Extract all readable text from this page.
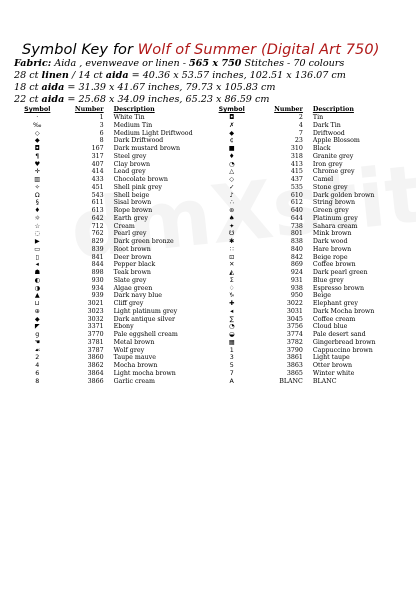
Symbol Key for Wolf of Summer (Digital Art 750)
Fabric: Aida , evenweave or linen - 565 x 750 Stitches - 70 colours
28 ct linen / 14 ct aida = 40.36 x 53.57 inches, 102.51 x 136.07 cm
18 ct aida = 31.39 x 41.67 inches, 79.73 x 105.83 cm
22 ct aida = 25.68 x 34.09 inches, 65.23 x 86.59 cm
Symbol	Number	Description
·	1	White Tin
‰	3	Medium Tin
◇	6	Medium Light Driftwood
◆	8	Dark Driftwood
◘	167	Dark mustard brown
¶	317	Steel grey
♥	407	Clay brown
✛	414	Lead grey
▥	433	Chocolate brown
✧	451	Shell pink grey
Ω	543	Shell beige
§	611	Sisal brown
♦	613	Rope brown
☼	642	Earth grey
☆	712	Cream
◌	762	Pearl grey
▶	829	Dark green bronze
▭	839	Root brown
▯	841	Deer brown
◂	844	Pepper black
☗	898	Teak brown
◐	930	Slate grey
◑	934	Algae green
▲	939	Dark navy blue
⊔	3021	Cliff grey
⊕	3023	Light platinum grey
◆	3032	Dark antique silver
◤	3371	Ebony
g	3770	Pale eggshell cream
☚	3781	Metal brown
☙	3787	Wolf grey
2	3860	Taupe mauve
4	3862	Mocha brown
6	3864	Light mocha brown
8	3866	Garlic cream
Symbol	Number	Description
◘	2	Tin
✗	4	Dark Tin
◆	7	Driftwood
¢	23	Apple Blossom
■	310	Black
♦	318	Granite grey
◔	413	Iron grey
△	415	Chrome grey
◇	437	Camel
✓	535	Stone grey
♪	610	Dark golden brown
∴	612	String brown
⊛	640	Green grey
♠	644	Platinum grey
✦	738	Sahara cream
☋	801	Mink brown
✱	838	Dark wood
∷	840	Hare brown
⊡	842	Beige rope
✕	869	Coffee brown
◭	924	Dark pearl green
Σ	931	Blue grey
♢	938	Espresso brown
♑	950	Beige
✚	3022	Elephant grey
◂	3031	Dark Mocha brown
∑	3045	Coffee cream
◔	3756	Cloud blue
◒	3774	Pale desert sand
▦	3782	Gingerbread brown
1	3790	Cappuccino brown
3	3861	Light taupe
5	3863	Otter brown
7	3865	Winter white
A	BLANC	BLANC
